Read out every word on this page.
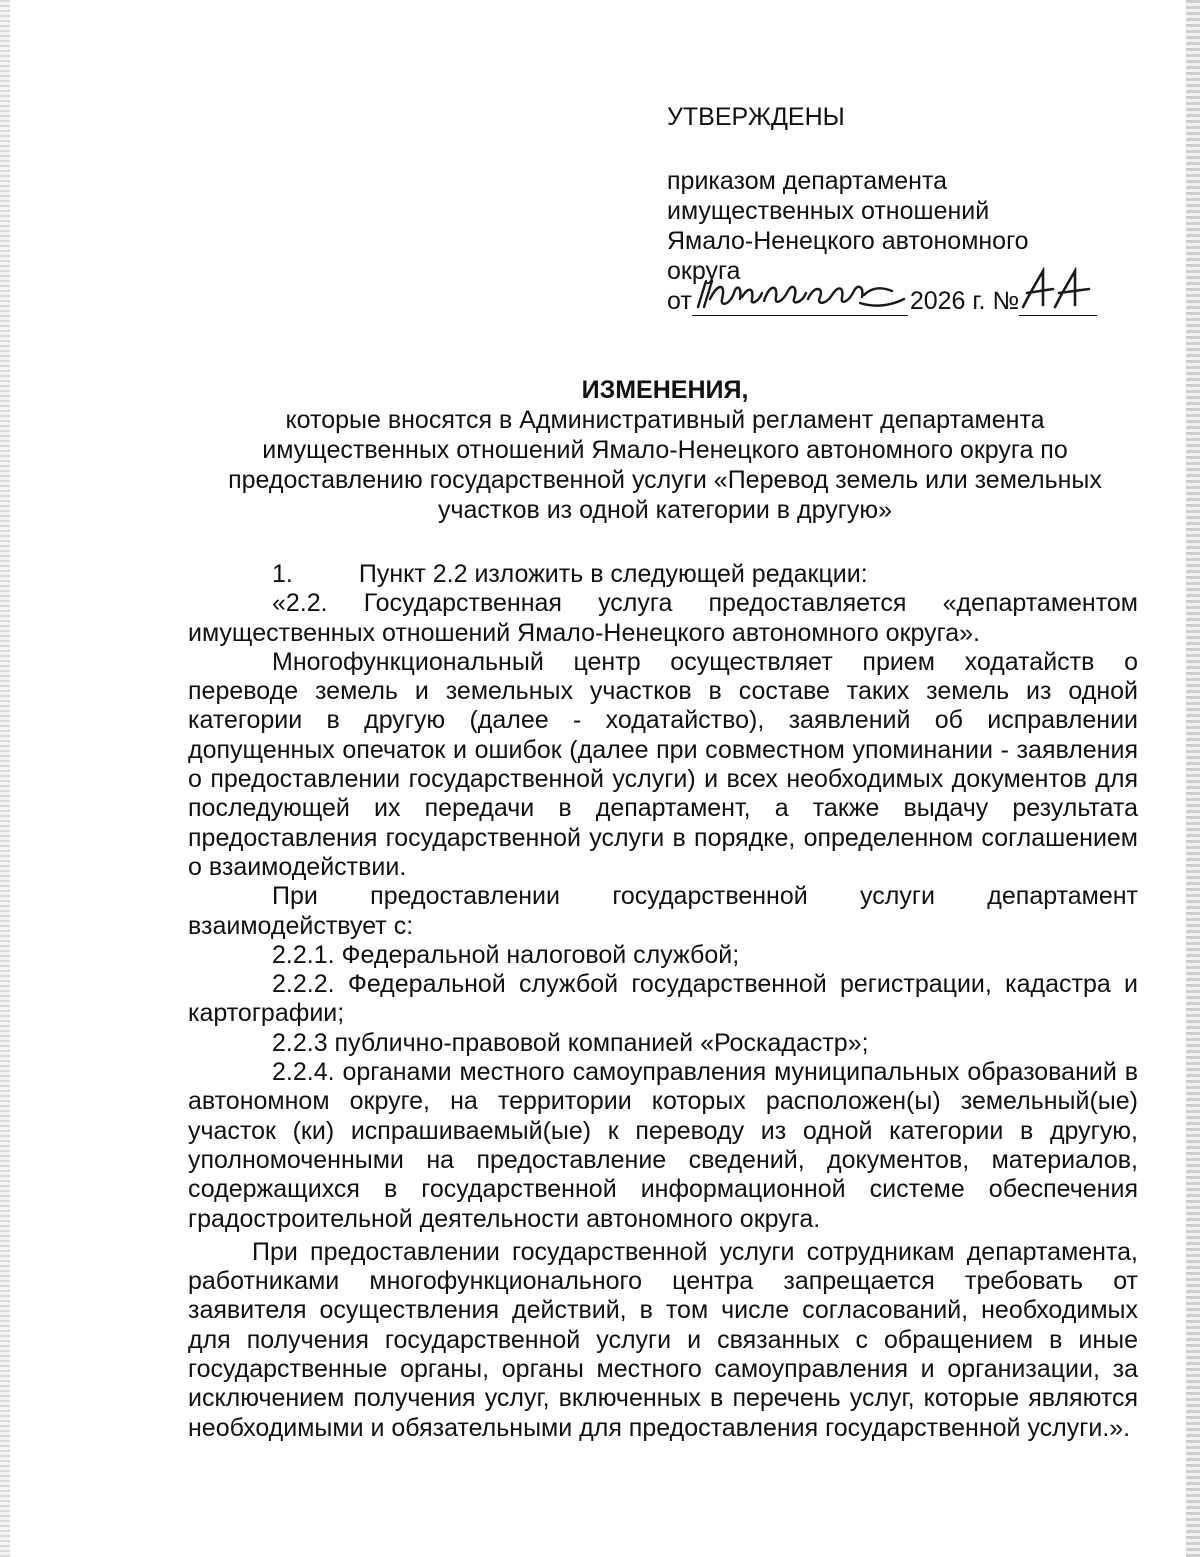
УТВЕРЖДЕНЫ
приказом департамента
имущественных отношений
Ямало-Ненецкого автономного
округа
от	2026 г. №
ИЗМЕНЕНИЯ,
которые вносятся в Административный регламент департамента имущественных отношений Ямало-Ненецкого автономного округа по предоставлению государственной услуги «Перевод земель или земельных участков из одной категории в другую»

1.	Пункт 2.2 изложить в следующей редакции:

«2.2. Государственная услуга предоставляется «департаментом имущественных отношений Ямало-Ненецкого автономного округа».

Многофункциональный центр осуществляет прием ходатайств о переводе земель и земельных участков в составе таких земель из одной категории в другую (далее - ходатайство), заявлений об исправлении допущенных опечаток и ошибок (далее при совместном упоминании - заявления о предоставлении государственной услуги) и всех необходимых документов для последующей их передачи в департамент, а также выдачу результата предоставления государственной услуги в порядке, определенном соглашением о взаимодействии.

При предоставлении государственной услуги департамент взаимодействует с:

2.2.1. Федеральной налоговой службой;

2.2.2. Федеральной службой государственной регистрации, кадастра и картографии;

2.2.3 публично-правовой компанией «Роскадастр»;

2.2.4. органами местного самоуправления муниципальных образований в автономном округе, на территории которых расположен(ы) земельный(ые) участок (ки) испрашиваемый(ые) к переводу из одной категории в другую, уполномоченными на предоставление сведений, документов, материалов, содержащихся в государственной информационной системе обеспечения градостроительной деятельности автономного округа.

При предоставлении государственной услуги сотрудникам департамента, работниками многофункционального центра запрещается требовать от заявителя осуществления действий, в том числе согласований, необходимых для получения государственной услуги и связанных с обращением в иные государственные органы, органы местного самоуправления и организации, за исключением получения услуг, включенных в перечень услуг, которые являются необходимыми и обязательными для предоставления государственной услуги.».
